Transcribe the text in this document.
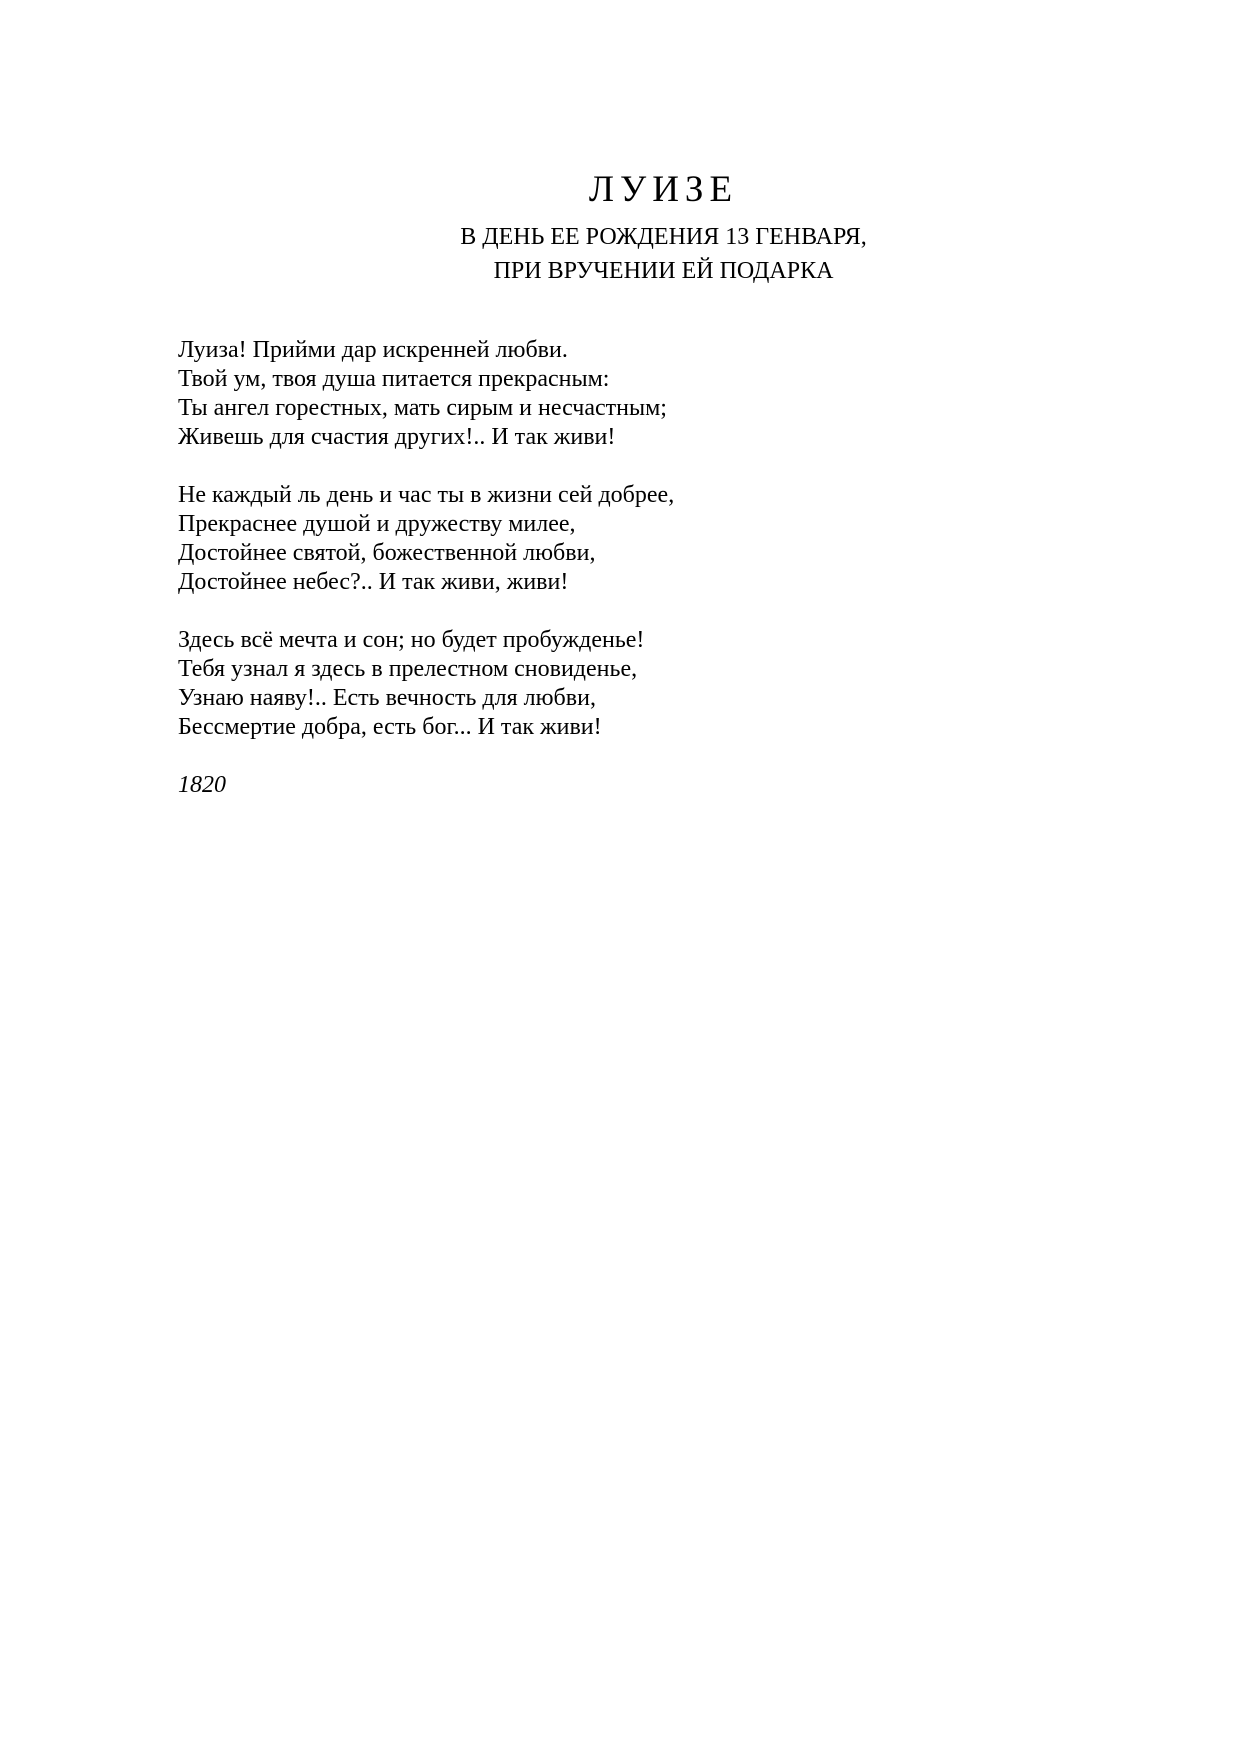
ЛУИЗЕ
В ДЕНЬ ЕЕ РОЖДЕНИЯ 13 ГЕНВАРЯ,
ПРИ ВРУЧЕНИИ ЕЙ ПОДАРКА
Луиза! Прийми дар искренней любви.
Твой ум, твоя душа питается прекрасным:
Ты ангел горестных, мать сирым и несчастным;
Живешь для счастия других!.. И так живи!
Не каждый ль день и час ты в жизни сей добрее,
Прекраснее душой и дружеству милее,
Достойнее святой, божественной любви,
Достойнее небес?.. И так живи, живи!
Здесь всё мечта и сон; но будет пробужденье!
Тебя узнал я здесь в прелестном сновиденье,
Узнаю наяву!.. Есть вечность для любви,
Бессмертие добра, есть бог... И так живи!
1820
